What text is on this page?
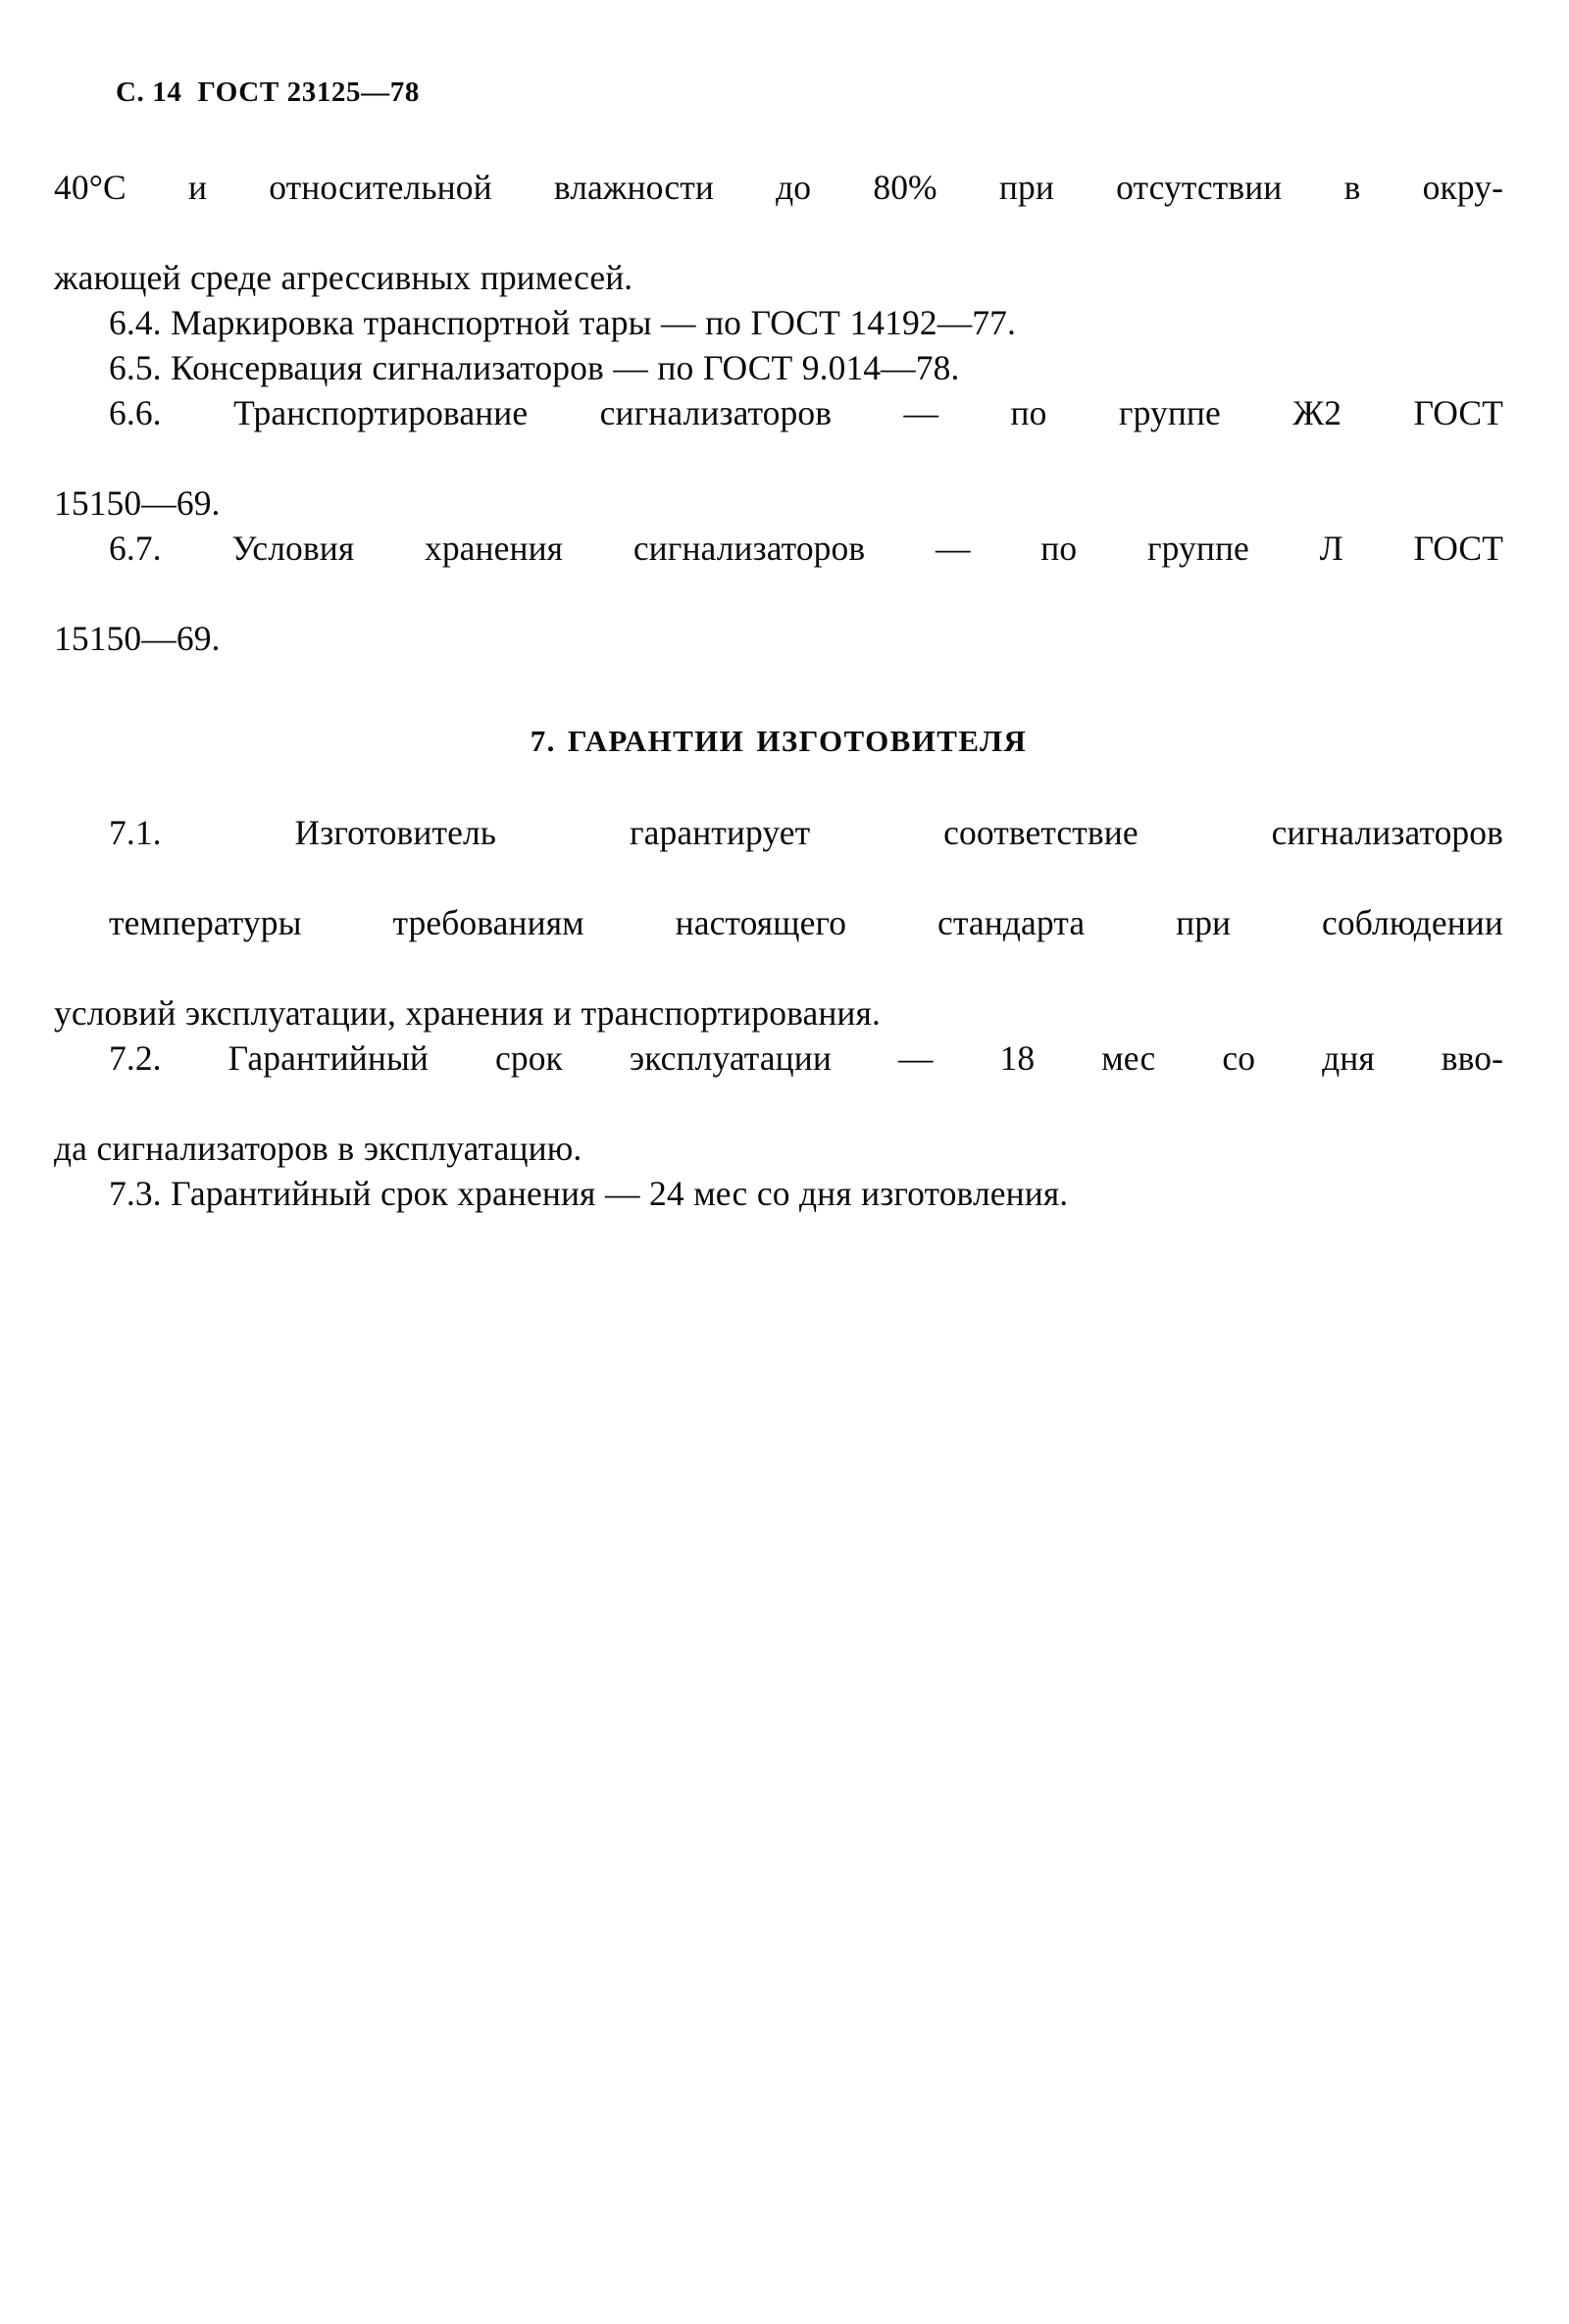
С. 14 ГОСТ 23125—78

40°С и относительной влажности до 80% при отсутствии в окру-
жающей среде агрессивных примесей.

6.4. Маркировка транспортной тары — по ГОСТ 14192—77.

6.5. Консервация сигнализаторов — по ГОСТ 9.014—78.

6.6. Транспортирование сигнализаторов — по группе Ж2 ГОСТ
15150—69.

6.7. Условия хранения сигнализаторов — по группе Л ГОСТ
15150—69.

7. ГАРАНТИИ ИЗГОТОВИТЕЛЯ

7.1. Изготовитель гарантирует соответствие сигнализаторов
температуры требованиям настоящего стандарта при соблюдении
условий эксплуатации, хранения и транспортирования.

7.2. Гарантийный срок эксплуатации — 18 мес со дня вво-
да сигнализаторов в эксплуатацию.

7.3. Гарантийный срок хранения — 24 мес со дня изготовления.
